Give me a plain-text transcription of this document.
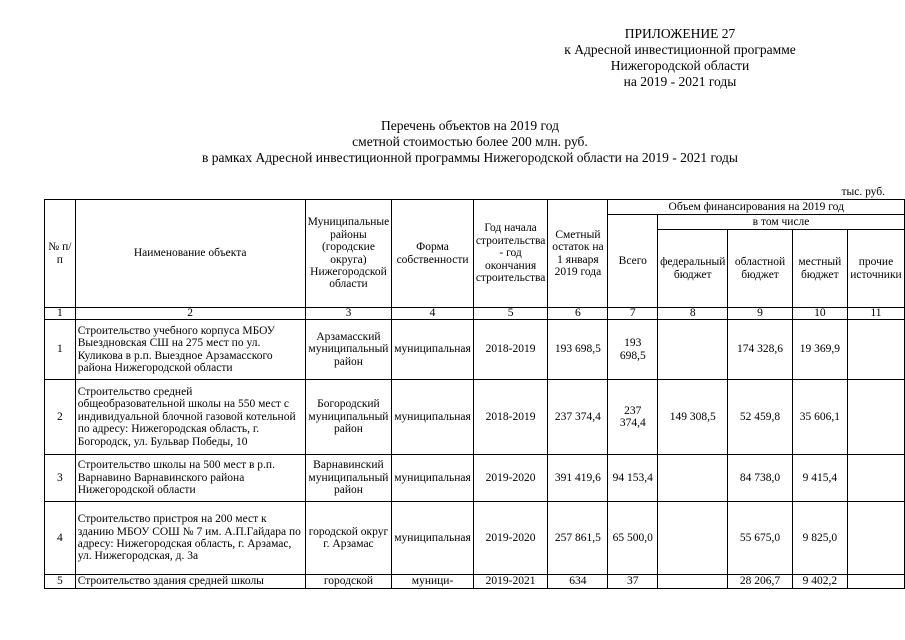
ПРИЛОЖЕНИЕ 27
к Адресной инвестиционной программе
Нижегородской области
на 2019 - 2021 годы
Перечень объектов на 2019 год
сметной стоимостью более 200 млн. руб.
в рамках Адресной инвестиционной программы Нижегородской области на 2019 - 2021 годы
тыс. руб.
№ п/п	Наименование объекта	Муниципальные районы (городские округа) Нижегородской области	Форма собственности	Год начала строительства - год окончания строительства	Сметный остаток на 1 января 2019 года	Объем финансирования на 2019 год				
						Всего	в том числе			
							федеральный бюджет	областной бюджет	местный бюджет	прочие источники
1	2	3	4	5	6	7	8	9	10	11
1	Строительство учебного корпуса МБОУ Выездновская СШ на 275 мест по ул. Куликова в р.п. Выездное Арзамасского района Нижегородской области	Арзамасский муниципальный район	муниципальная	2018-2019	193 698,5	193 698,5		174 328,6	19 369,9	
2	Строительство средней общеобразовательной школы на 550 мест с индивидуальной блочной газовой котельной по адресу: Нижегородская область, г. Богородск, ул. Бульвар Победы, 10	Богородский муниципальный район	муниципальная	2018-2019	237 374,4	237 374,4	149 308,5	52 459,8	35 606,1	
3	Строительство школы на 500 мест в р.п. Варнавино Варнавинского района Нижегородской области	Варнавинский муниципальный район	муниципальная	2019-2020	391 419,6	94 153,4		84 738,0	9 415,4	
4	Строительство пристроя на 200 мест к зданию МБОУ СОШ № 7 им. А.П.Гайдара по адресу: Нижегородская область, г. Арзамас, ул. Нижегородская, д. 3а	городской округ г. Арзамас	муниципальная	2019-2020	257 861,5	65 500,0		55 675,0	9 825,0	
5	Строительство здания средней школы	городской	муници-	2019-2021	634	37		28 206,7	9 402,2	
